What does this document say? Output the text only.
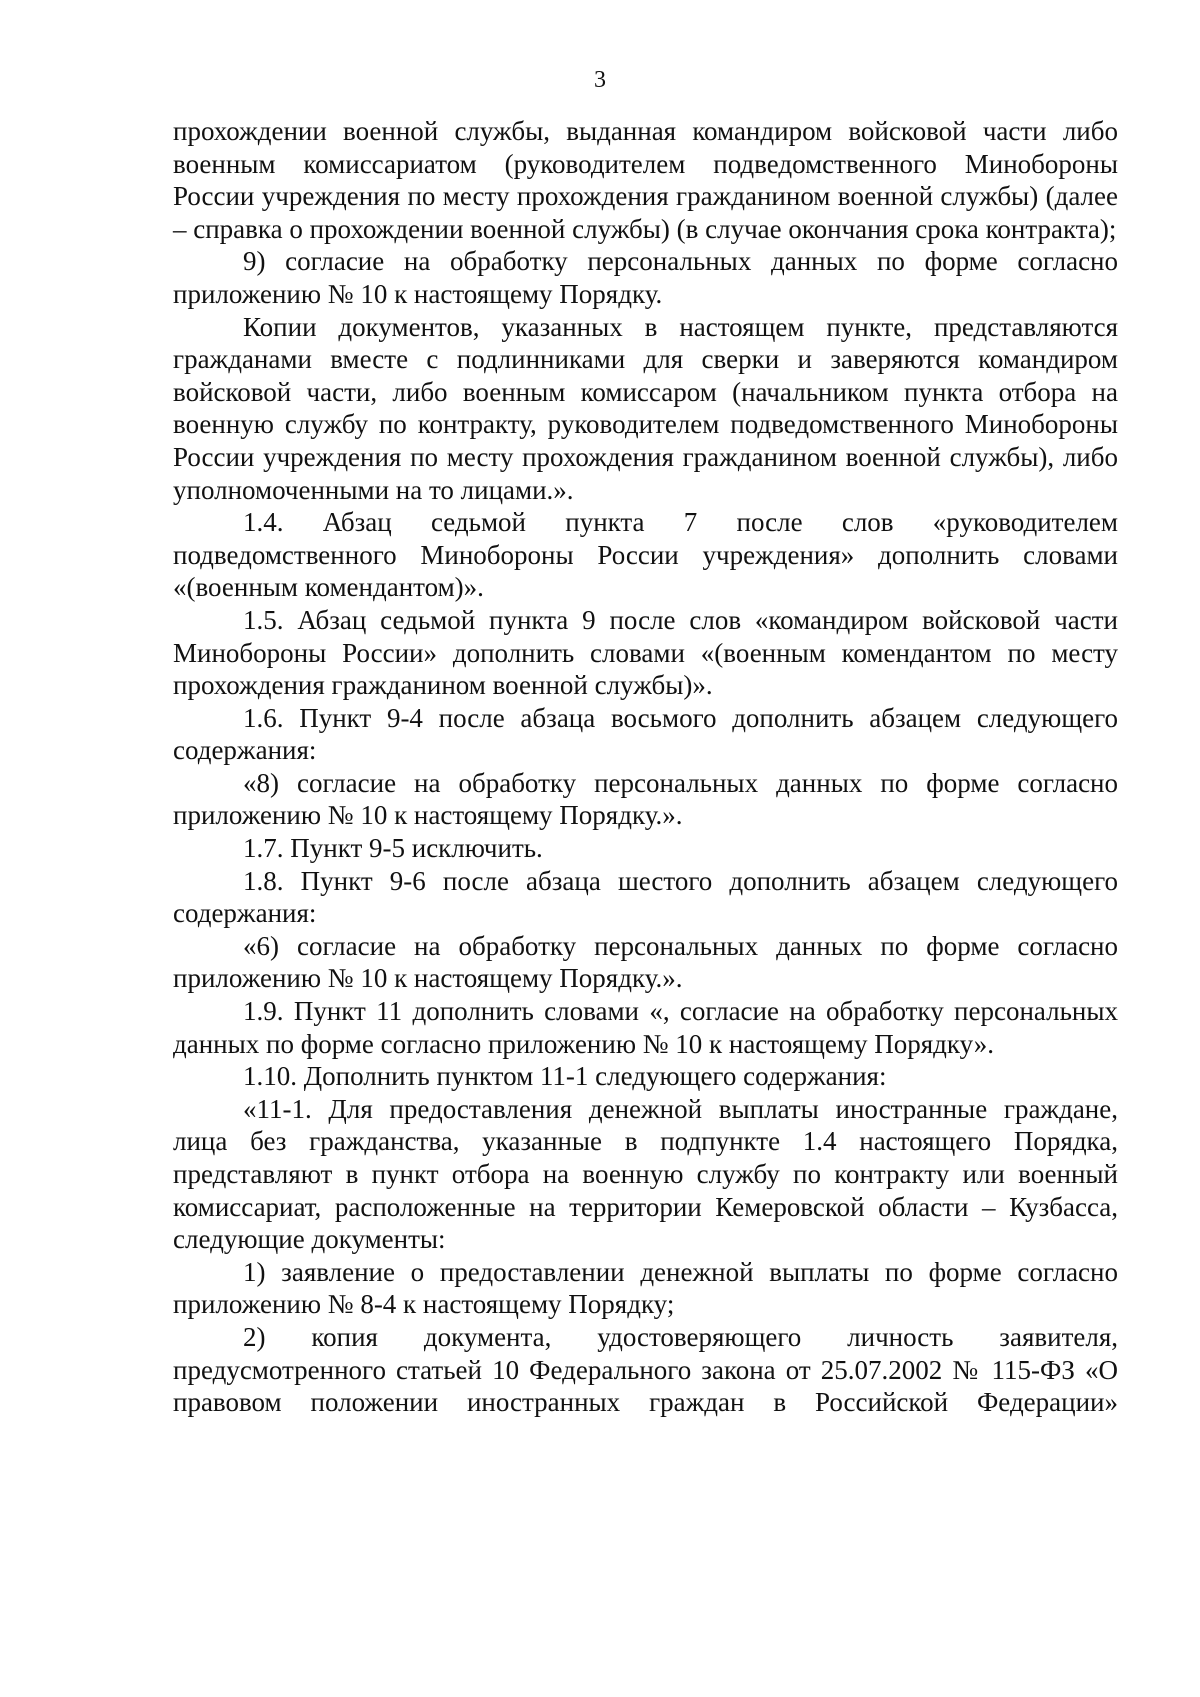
3

прохождении военной службы, выданная командиром войсковой части либо военным комиссариатом (руководителем подведомственного Минобороны России учреждения по месту прохождения гражданином военной службы) (далее – справка о прохождении военной службы) (в случае окончания срока контракта);

9) согласие на обработку персональных данных по форме согласно приложению № 10 к настоящему Порядку.

Копии документов, указанных в настоящем пункте, представляются гражданами вместе с подлинниками для сверки и заверяются командиром войсковой части, либо военным комиссаром (начальником пункта отбора на военную службу по контракту, руководителем подведомственного Минобороны России учреждения по месту прохождения гражданином военной службы), либо уполномоченными на то лицами.».

1.4. Абзац седьмой пункта 7 после слов «руководителем подведомственного Минобороны России учреждения» дополнить словами «(военным комендантом)».

1.5. Абзац седьмой пункта 9 после слов «командиром войсковой части Минобороны России» дополнить словами «(военным комендантом по месту прохождения гражданином военной службы)».

1.6. Пункт 9-4 после абзаца восьмого дополнить абзацем следующего содержания:

«8) согласие на обработку персональных данных по форме согласно приложению № 10 к настоящему Порядку.».

1.7. Пункт 9-5 исключить.

1.8. Пункт 9-6 после абзаца шестого дополнить абзацем следующего содержания:

«6) согласие на обработку персональных данных по форме согласно приложению № 10 к настоящему Порядку.».

1.9. Пункт 11 дополнить словами «, согласие на обработку персональных данных по форме согласно приложению № 10 к настоящему Порядку».

1.10. Дополнить пунктом 11-1 следующего содержания:

«11-1. Для предоставления денежной выплаты иностранные граждане, лица без гражданства, указанные в подпункте 1.4 настоящего Порядка, представляют в пункт отбора на военную службу по контракту или военный комиссариат, расположенные на территории Кемеровской области – Кузбасса, следующие документы:

1) заявление о предоставлении денежной выплаты по форме согласно приложению № 8-4 к настоящему Порядку;

2) копия документа, удостоверяющего личность заявителя, предусмотренного статьей 10 Федерального закона от 25.07.2002 № 115-ФЗ «О правовом положении иностранных граждан в Российской Федерации»
